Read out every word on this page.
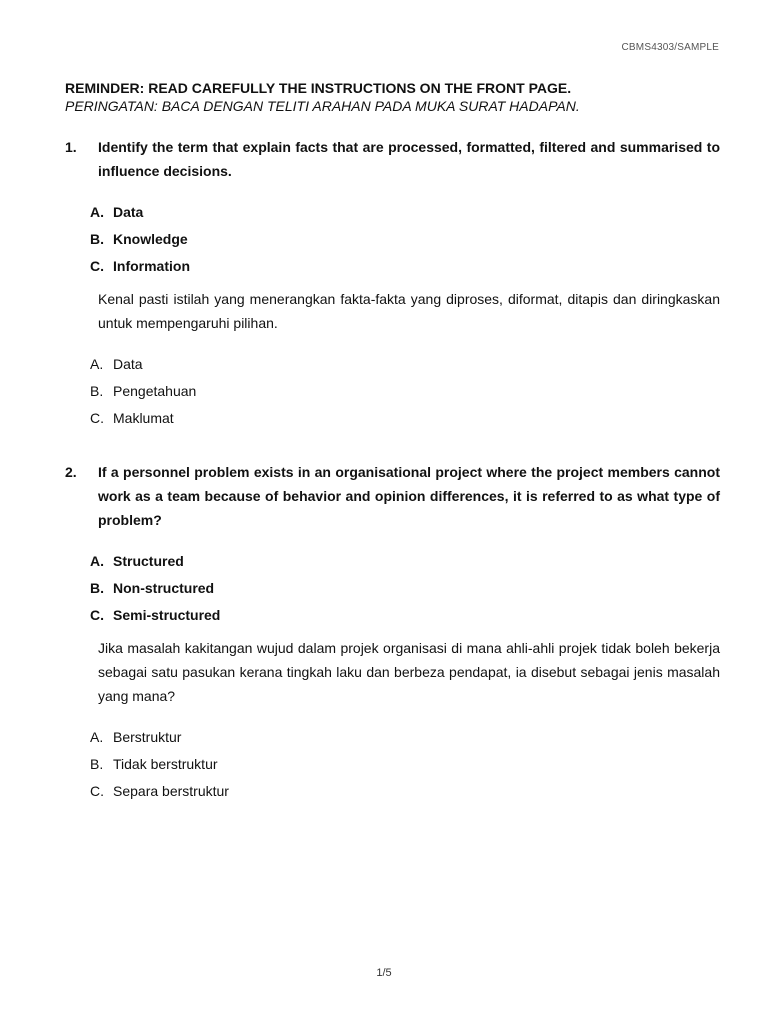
CBMS4303/SAMPLE
REMINDER: READ CAREFULLY THE INSTRUCTIONS ON THE FRONT PAGE.
PERINGATAN: BACA DENGAN TELITI ARAHAN PADA MUKA SURAT HADAPAN.
1. Identify the term that explain facts that are processed, formatted, filtered and summarised to influence decisions.
A. Data
B. Knowledge
C. Information
Kenal pasti istilah yang menerangkan fakta-fakta yang diproses, diformat, ditapis dan diringkaskan untuk mempengaruhi pilihan.
A. Data
B. Pengetahuan
C. Maklumat
2. If a personnel problem exists in an organisational project where the project members cannot work as a team because of behavior and opinion differences, it is referred to as what type of problem?
A. Structured
B. Non-structured
C. Semi-structured
Jika masalah kakitangan wujud dalam projek organisasi di mana ahli-ahli projek tidak boleh bekerja sebagai satu pasukan kerana tingkah laku dan berbeza pendapat, ia disebut sebagai jenis masalah yang mana?
A. Berstruktur
B. Tidak berstruktur
C. Separa berstruktur
1/5
